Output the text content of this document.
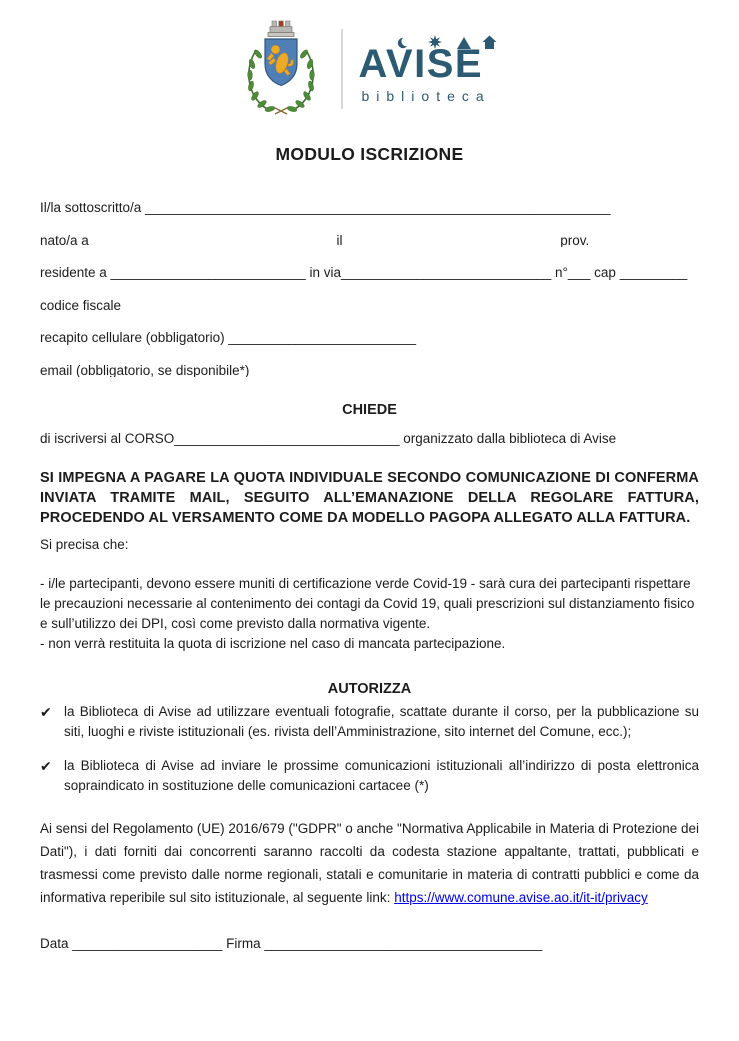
AVISE
biblioteca
MODULO ISCRIZIONE
Il/la sottoscritto/a ______________________________________________________________
nato/a a ________________________________ il ____________________________ prov. ___________
residente a __________________________ in via____________________________ n°___ cap _________
codice fiscale ______________________________
recapito cellulare (obbligatorio) _________________________
email (obbligatorio, se disponibile*) ________________________________________________
CHIEDE
di iscriversi al CORSO______________________________ organizzato dalla biblioteca di Avise
SI IMPEGNA A PAGARE LA QUOTA INDIVIDUALE SECONDO COMUNICAZIONE DI CONFERMA INVIATA TRAMITE MAIL, SEGUITO ALL’EMANAZIONE DELLA REGOLARE FATTURA, PROCEDENDO AL VERSAMENTO COME DA MODELLO PAGOPA ALLEGATO ALLA FATTURA.
Si precisa che:
- i/le partecipanti, devono essere muniti di certificazione verde Covid-19 - sarà cura dei partecipanti rispettare le precauzioni necessarie al contenimento dei contagi da Covid 19, quali prescrizioni sul distanziamento fisico e sull’utilizzo dei DPI, così come previsto dalla normativa vigente.
- non verrà restituita la quota di iscrizione nel caso di mancata partecipazione.
AUTORIZZA
✔ la Biblioteca di Avise ad utilizzare eventuali fotografie, scattate durante il corso, per la pubblicazione su siti, luoghi e riviste istituzionali (es. rivista dell’Amministrazione, sito internet del Comune, ecc.);
✔ la Biblioteca di Avise ad inviare le prossime comunicazioni istituzionali all’indirizzo di posta elettronica sopraindicato in sostituzione delle comunicazioni cartacee (*)
Ai sensi del Regolamento (UE) 2016/679 ("GDPR" o anche "Normativa Applicabile in Materia di Protezione dei Dati"), i dati forniti dai concorrenti saranno raccolti da codesta stazione appaltante, trattati, pubblicati e trasmessi come previsto dalle norme regionali, statali e comunitarie in materia di contratti pubblici e come da informativa reperibile sul sito istituzionale, al seguente link: https://www.comune.avise.ao.it/it-it/privacy
Data ____________________ Firma _____________________________________
